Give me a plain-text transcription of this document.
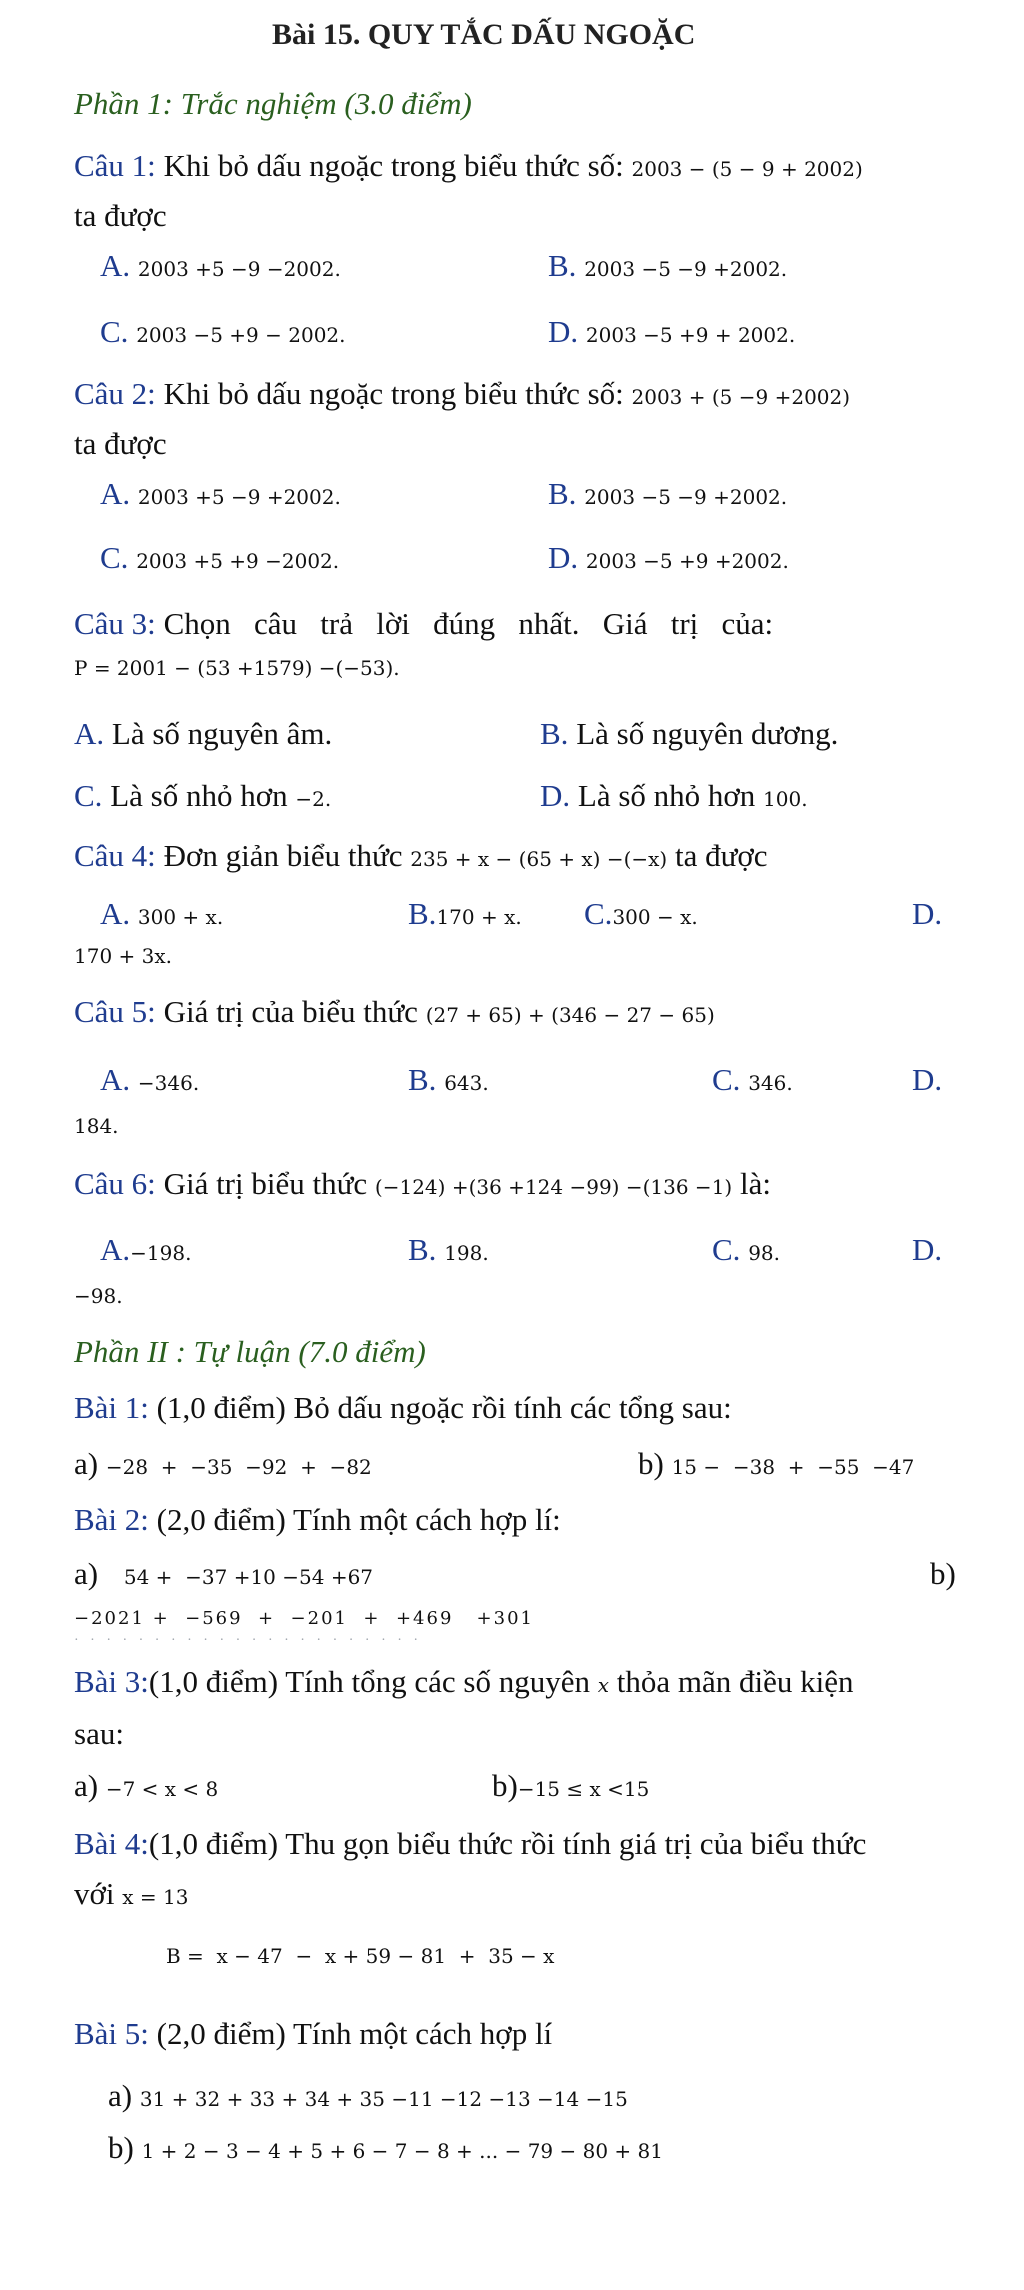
Bài 15. QUY TẮC DẤU NGOẶC
Phần 1: Trắc nghiệm (3.0 điểm)
Câu 1: Khi bỏ dấu ngoặc trong biểu thức số: 2003 − (5 − 9 + 2002)
ta được
A. 2003 +5 −9 −2002.	B. 2003 −5 −9 +2002.
C. 2003 −5 +9 − 2002.	D. 2003 −5 +9 + 2002.
Câu 2: Khi bỏ dấu ngoặc trong biểu thức số: 2003 + (5 −9 +2002)
ta được
A. 2003 +5 −9 +2002.	B. 2003 −5 −9 +2002.
C. 2003 +5 +9 −2002.	D. 2003 −5 +9 +2002.
Câu 3: Chọn   câu   trả   lời   đúng   nhất.   Giá   trị   của:
P = 2001 − (53 +1579) −(−53).
A. Là số nguyên âm.	B. Là số nguyên dương.
C. Là số nhỏ hơn −2.	D. Là số nhỏ hơn 100.
Câu 4: Đơn giản biểu thức 235 + x − (65 + x) −(−x) ta được
A. 300 + x.	B.170 + x. C.300 − x.	D.
170 + 3x.
Câu 5: Giá trị của biểu thức (27 + 65) + (346 − 27 − 65)
A. −346.	B. 643.	C. 346.	D.
184.
Câu 6: Giá trị biểu thức (−124) +(36 +124 −99) −(136 −1) là:
A.−198.	B. 198.	C. 98.	D.
−98.
Phần II : Tự luận (7.0 điểm)
Bài 1: (1,0 điểm) Bỏ dấu ngoặc rồi tính các tổng sau:
a) −28  +  −35  −92  +  −82	b) 15 −  −38  +  −55  −47
Bài 2: (2,0 điểm) Tính một cách hợp lí:
a) 54 +  −37 +10 −54 +67	b)
−2021 +  −569  +  −201  +  +469   +301
· · · · · · · · · · · · · · · · · · · · · ·
Bài 3:(1,0 điểm) Tính tổng các số nguyên x thỏa mãn điều kiện
sau:
a) −7 < x < 8	b)−15 ≤ x <15
Bài 4:(1,0 điểm) Thu gọn biểu thức rồi tính giá trị của biểu thức
với x = 13
B =  x − 47  −  x + 59 − 81  +  35 − x
Bài 5: (2,0 điểm) Tính một cách hợp lí
a) 31 + 32 + 33 + 34 + 35 −11 −12 −13 −14 −15
b) 1 + 2 − 3 − 4 + 5 + 6 − 7 − 8 + ... − 79 − 80 + 81
